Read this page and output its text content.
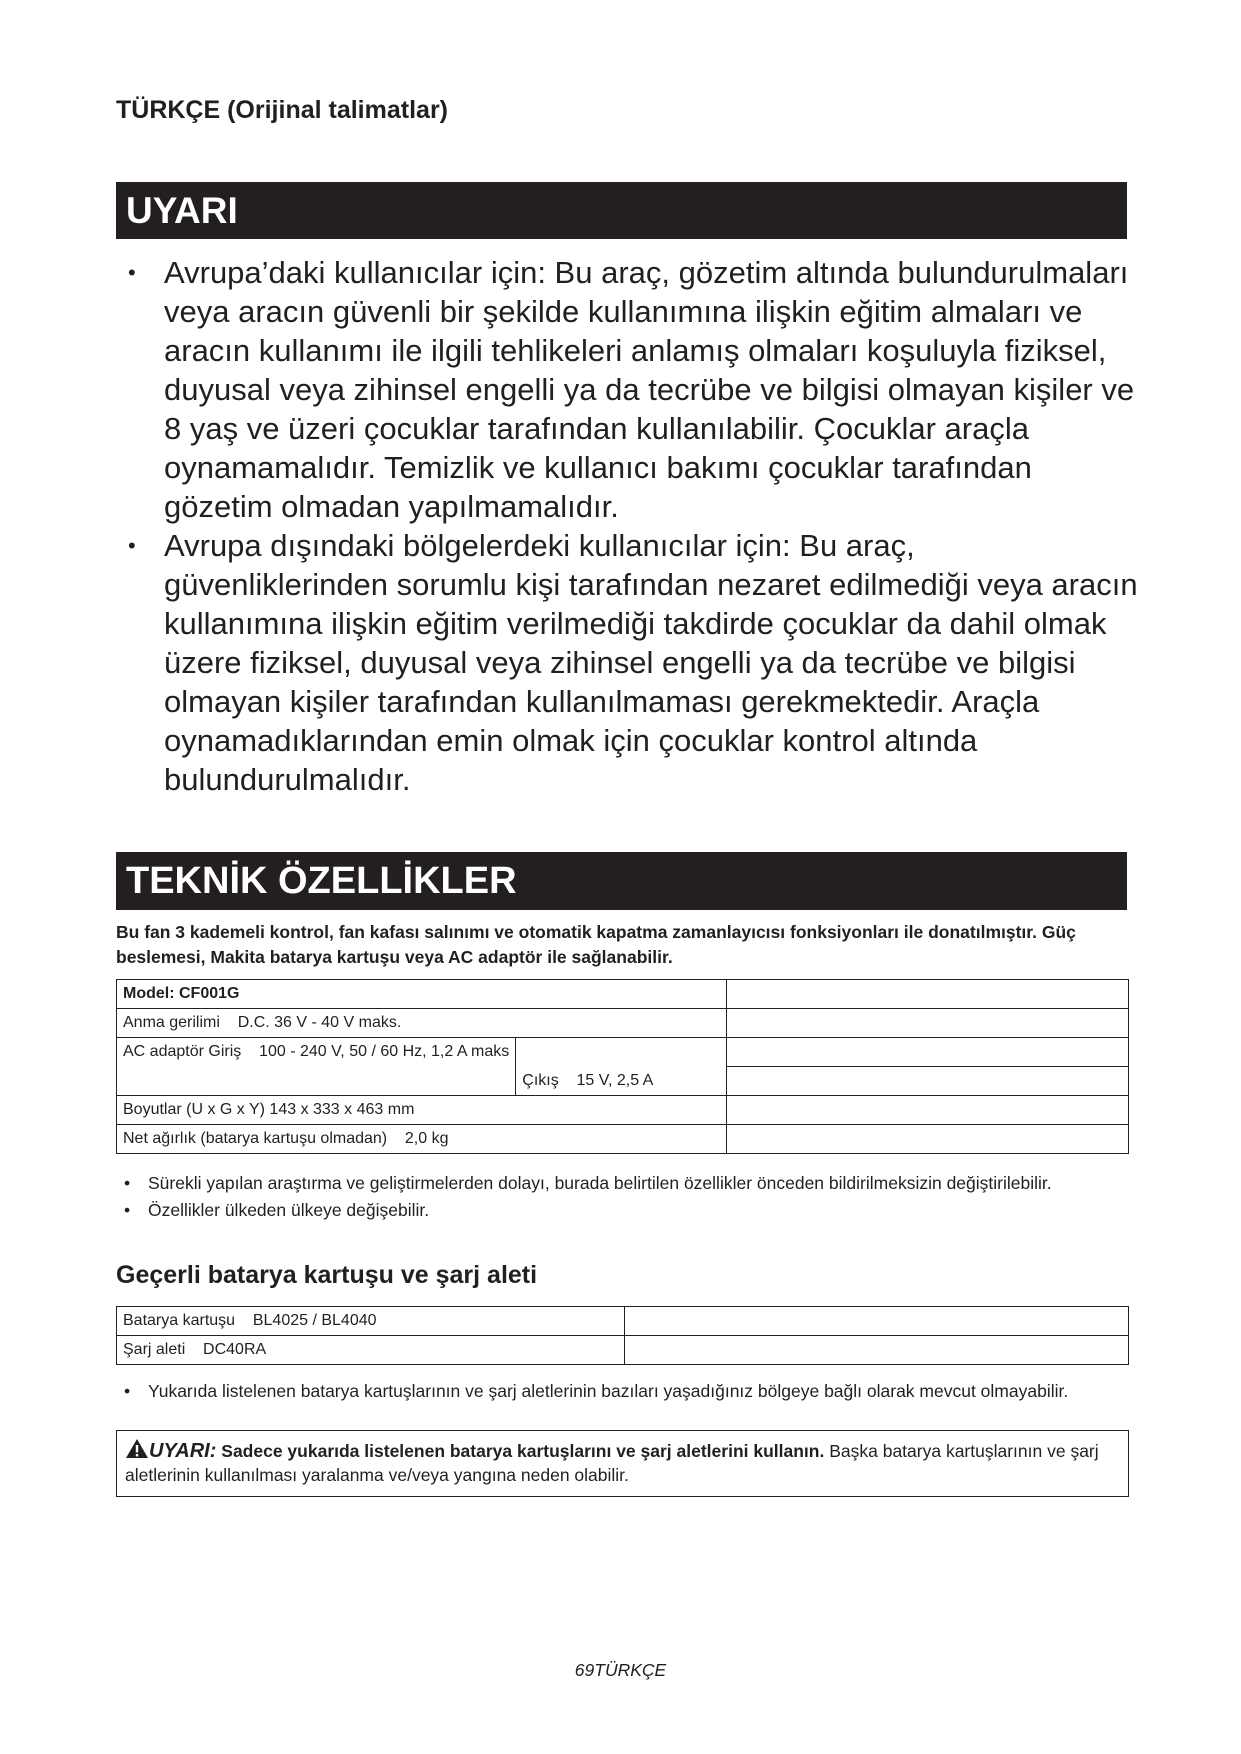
TÜRKÇE (Orijinal talimatlar)
UYARI
• Avrupa’daki kullanıcılar için: Bu araç, gözetim altında bulundurulmaları veya aracın güvenli bir şekilde kullanımına ilişkin eğitim almaları ve aracın kullanımı ile ilgili tehlikeleri anlamış olmaları koşuluyla fiziksel, duyusal veya zihinsel engelli ya da tecrübe ve bilgisi olmayan kişiler ve 8 yaş ve üzeri çocuklar tarafından kullanılabilir. Çocuklar araçla oynamamalıdır. Temizlik ve kullanıcı bakımı çocuklar tarafından gözetim olmadan yapılmamalıdır.

• Avrupa dışındaki bölgelerdeki kullanıcılar için: Bu araç, güvenliklerinden sorumlu kişi tarafından nezaret edilmediği veya aracın kullanımına ilişkin eğitim verilmediği takdirde çocuklar da dahil olmak üzere fiziksel, duyusal veya zihinsel engelli ya da tecrübe ve bilgisi olmayan kişiler tarafından kullanılmaması gerekmektedir. Araçla oynamadıklarından emin olmak için çocuklar kontrol altında bulundurulmalıdır.

TEKNİK ÖZELLİKLER
Bu fan 3 kademeli kontrol, fan kafası salınımı ve otomatik kapatma zamanlayıcısı fonksiyonları ile donatılmıştır. Güç beslemesi, Makita batarya kartuşu veya AC adaptör ile sağlanabilir.
Model: CF001G		
Anma gerilimi D.C. 36 V - 40 V maks.		
AC adaptör Giriş 100 - 240 V, 50 / 60 Hz, 1,2 A maks		
	Çıkış 15 V, 2,5 A	
Boyutlar (U x G x Y) 143 x 333 x 463 mm		
Net ağırlık (batarya kartuşu olmadan) 2,0 kg		
• Sürekli yapılan araştırma ve geliştirmelerden dolayı, burada belirtilen özellikler önceden bildirilmeksizin değiştirilebilir.
• Özellikler ülkeden ülkeye değişebilir.
Geçerli batarya kartuşu ve şarj aleti
Batarya kartuşu BL4025 / BL4040	
Şarj aleti DC40RA	
• Yukarıda listelenen batarya kartuşlarının ve şarj aletlerinin bazıları yaşadığınız bölgeye bağlı olarak mevcut olmayabilir.
UYARI: Sadece yukarıda listelenen batarya kartuşlarını ve şarj aletlerini kullanın. Başka batarya kartuşlarının ve şarj aletlerinin kullanılması yaralanma ve/veya yangına neden olabilir.
69TÜRKÇE
